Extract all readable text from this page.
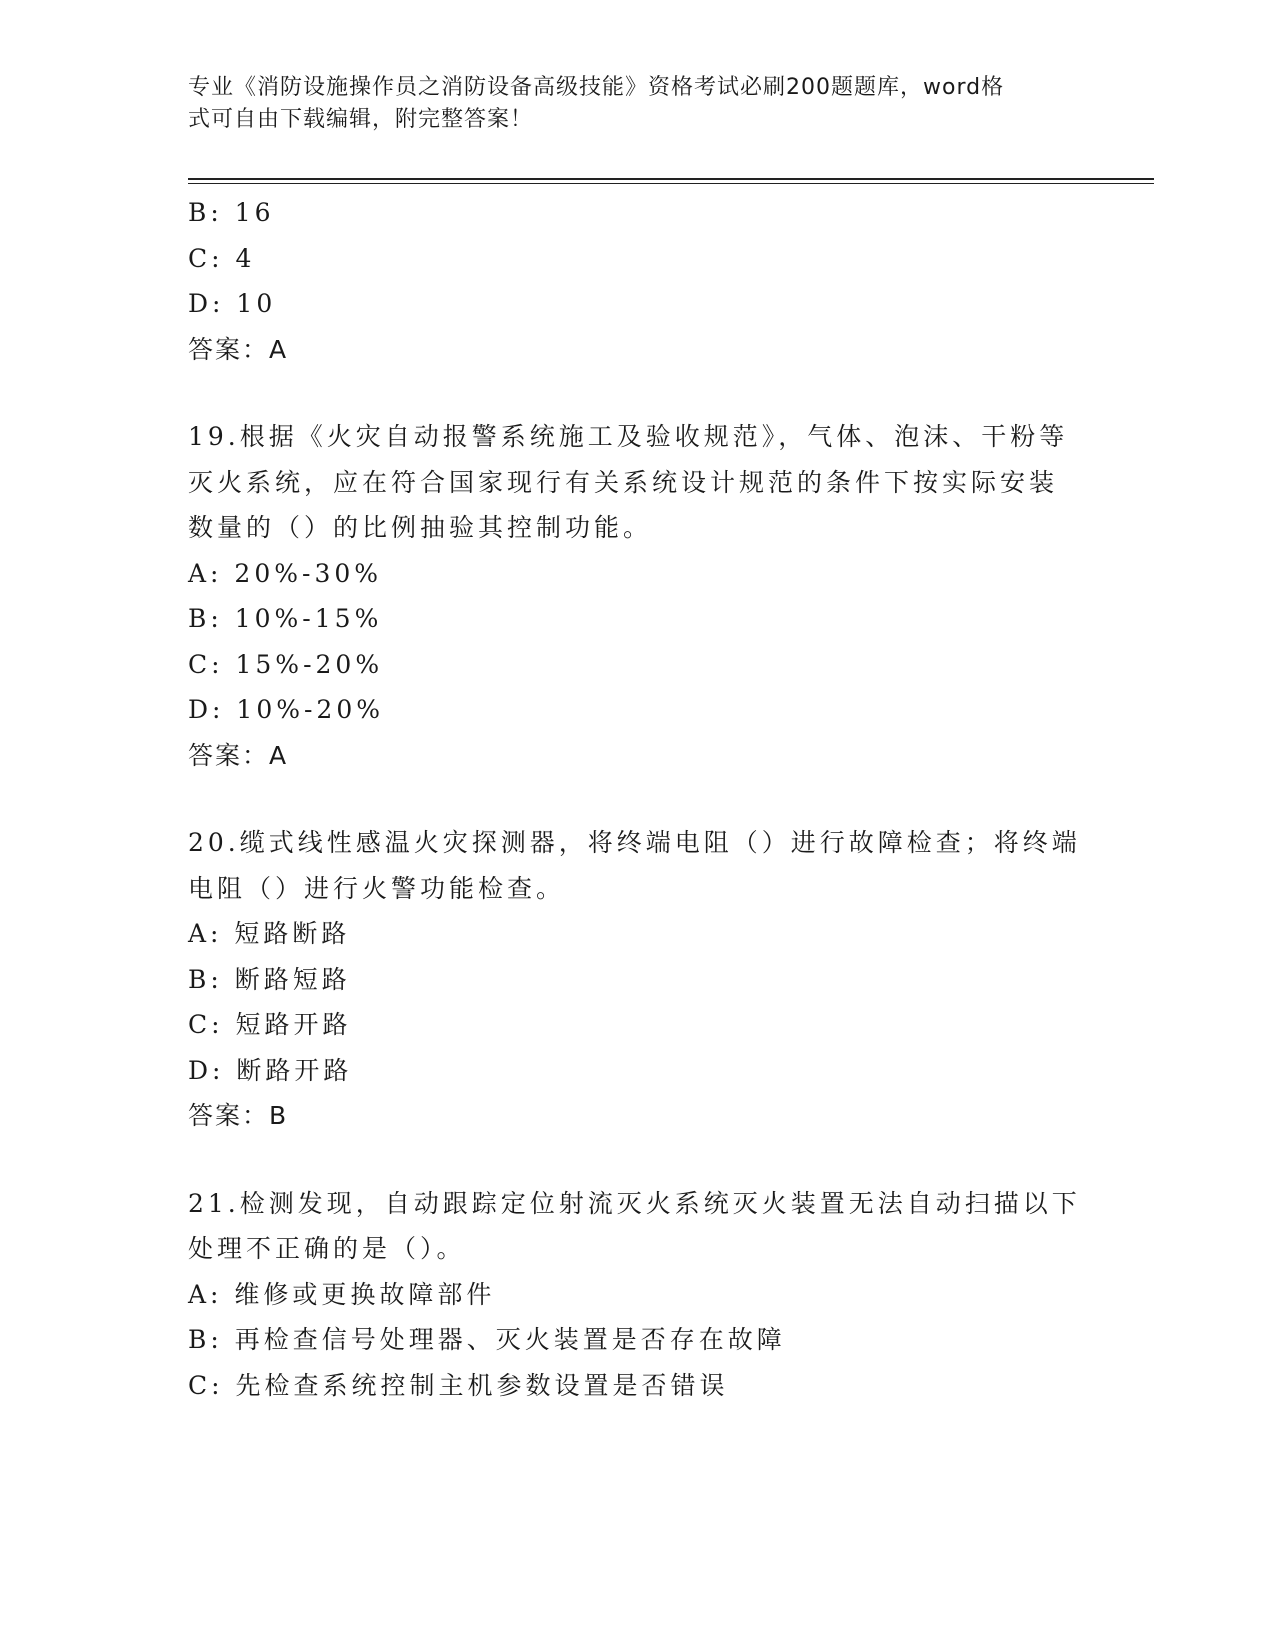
专业《消防设施操作员之消防设备高级技能》资格考试必刷200题题库，word格
式可自由下载编辑，附完整答案！
B: 16
C: 4
D: 10
答案：A
19.根据《火灾自动报警系统施工及验收规范》，气体、泡沫、干粉等
灭火系统，应在符合国家现行有关系统设计规范的条件下按实际安装
数量的（）的比例抽验其控制功能。
A: 20%-30%
B: 10%-15%
C: 15%-20%
D: 10%-20%
答案：A
20.缆式线性感温火灾探测器，将终端电阻（）进行故障检查；将终端
电阻（）进行火警功能检查。
A: 短路断路
B: 断路短路
C: 短路开路
D: 断路开路
答案：B
21.检测发现，自动跟踪定位射流灭火系统灭火装置无法自动扫描以下
处理不正确的是（）。
A: 维修或更换故障部件
B: 再检查信号处理器、灭火装置是否存在故障
C: 先检查系统控制主机参数设置是否错误
